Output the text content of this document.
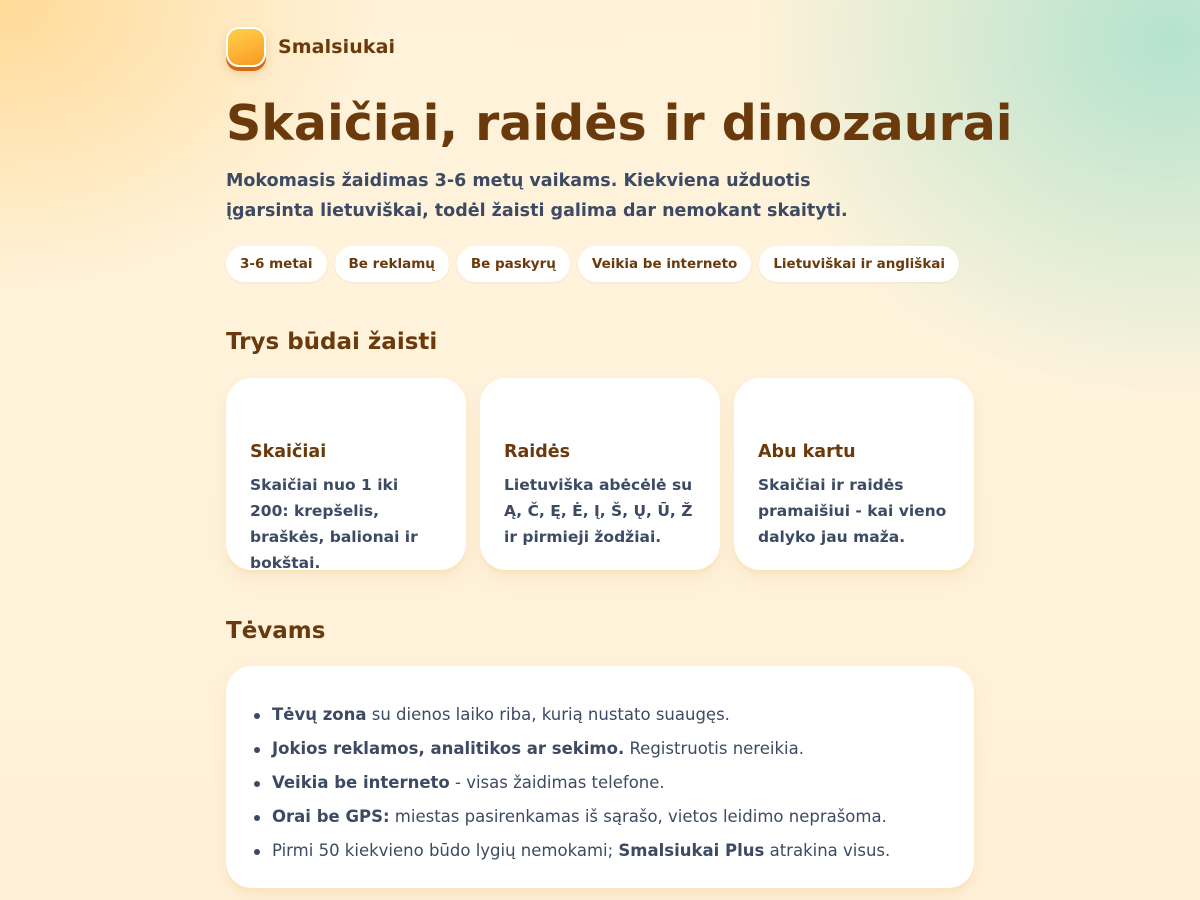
Smalsiukai
Skaičiai, raidės ir dinozaurai

Mokomasis žaidimas 3-6 metų vaikams. Kiekviena užduotis įgarsinta lietuviškai, todėl žaisti galima dar nemokant skaityti.

3-6 metai	Be reklamų	Be paskyrų	Veikia be interneto	Lietuviškai ir angliškai
Trys būdai žaisti
Skaičiai

Skaičiai nuo 1 iki 200: krepšelis, braškės, balionai ir bokštai.

Raidės

Lietuviška abėcėlė su Ą, Č, Ę, Ė, Į, Š, Ų, Ū, Ž ir pirmieji žodžiai.

Abu kartu

Skaičiai ir raidės pramaišiui - kai vieno dalyko jau maža.

Tėvams
Tėvų zona su dienos laiko riba, kurią nustato suaugęs.
Jokios reklamos, analitikos ar sekimo. Registruotis nereikia.
Veikia be interneto - visas žaidimas telefone.
Orai be GPS: miestas pasirenkamas iš sąrašo, vietos leidimo neprašoma.
Pirmi 50 kiekvieno būdo lygių nemokami; Smalsiukai Plus atrakina visus.
